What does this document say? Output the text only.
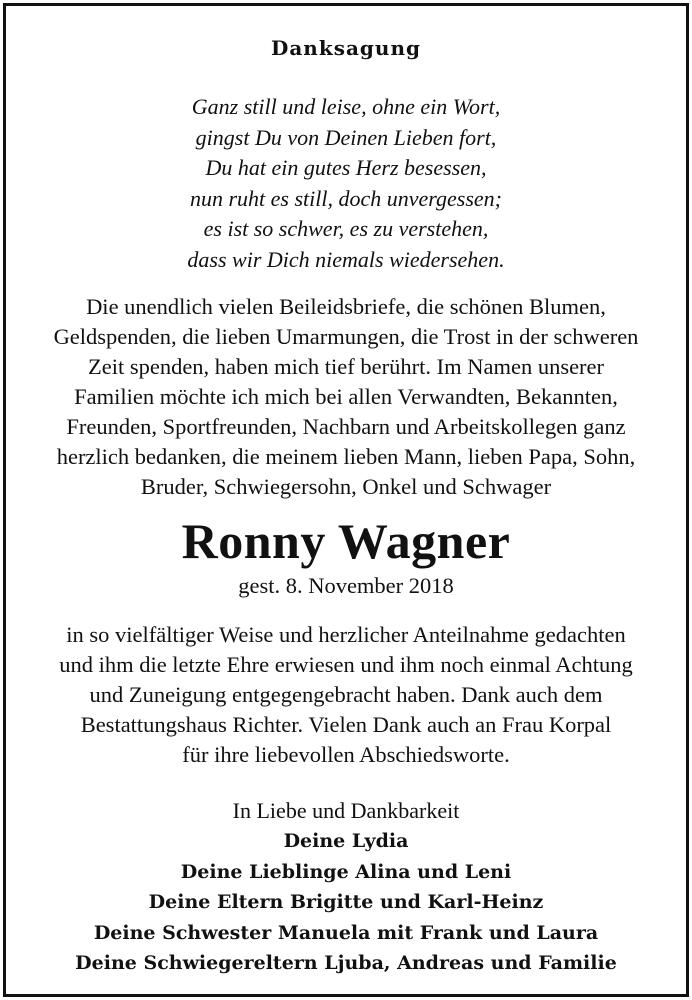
Danksagung
Ganz still und leise, ohne ein Wort,
gingst Du von Deinen Lieben fort,
Du hat ein gutes Herz besessen,
nun ruht es still, doch unvergessen;
es ist so schwer, es zu verstehen,
dass wir Dich niemals wiedersehen.
Die unendlich vielen Beileidsbriefe, die schönen Blumen,
Geldspenden, die lieben Umarmungen, die Trost in der schweren
Zeit spenden, haben mich tief berührt. Im Namen unserer
Familien möchte ich mich bei allen Verwandten, Bekannten,
Freunden, Sportfreunden, Nachbarn und Arbeitskollegen ganz
herzlich bedanken, die meinem lieben Mann, lieben Papa, Sohn,
Bruder, Schwiegersohn, Onkel und Schwager
Ronny Wagner
gest. 8. November 2018
in so vielfältiger Weise und herzlicher Anteilnahme gedachten
und ihm die letzte Ehre erwiesen und ihm noch einmal Achtung
und Zuneigung entgegengebracht haben. Dank auch dem
Bestattungshaus Richter. Vielen Dank auch an Frau Korpal
für ihre liebevollen Abschiedsworte.
In Liebe und Dankbarkeit
Deine Lydia
Deine Lieblinge Alina und Leni
Deine Eltern Brigitte und Karl-Heinz
Deine Schwester Manuela mit Frank und Laura
Deine Schwiegereltern Ljuba, Andreas und Familie
